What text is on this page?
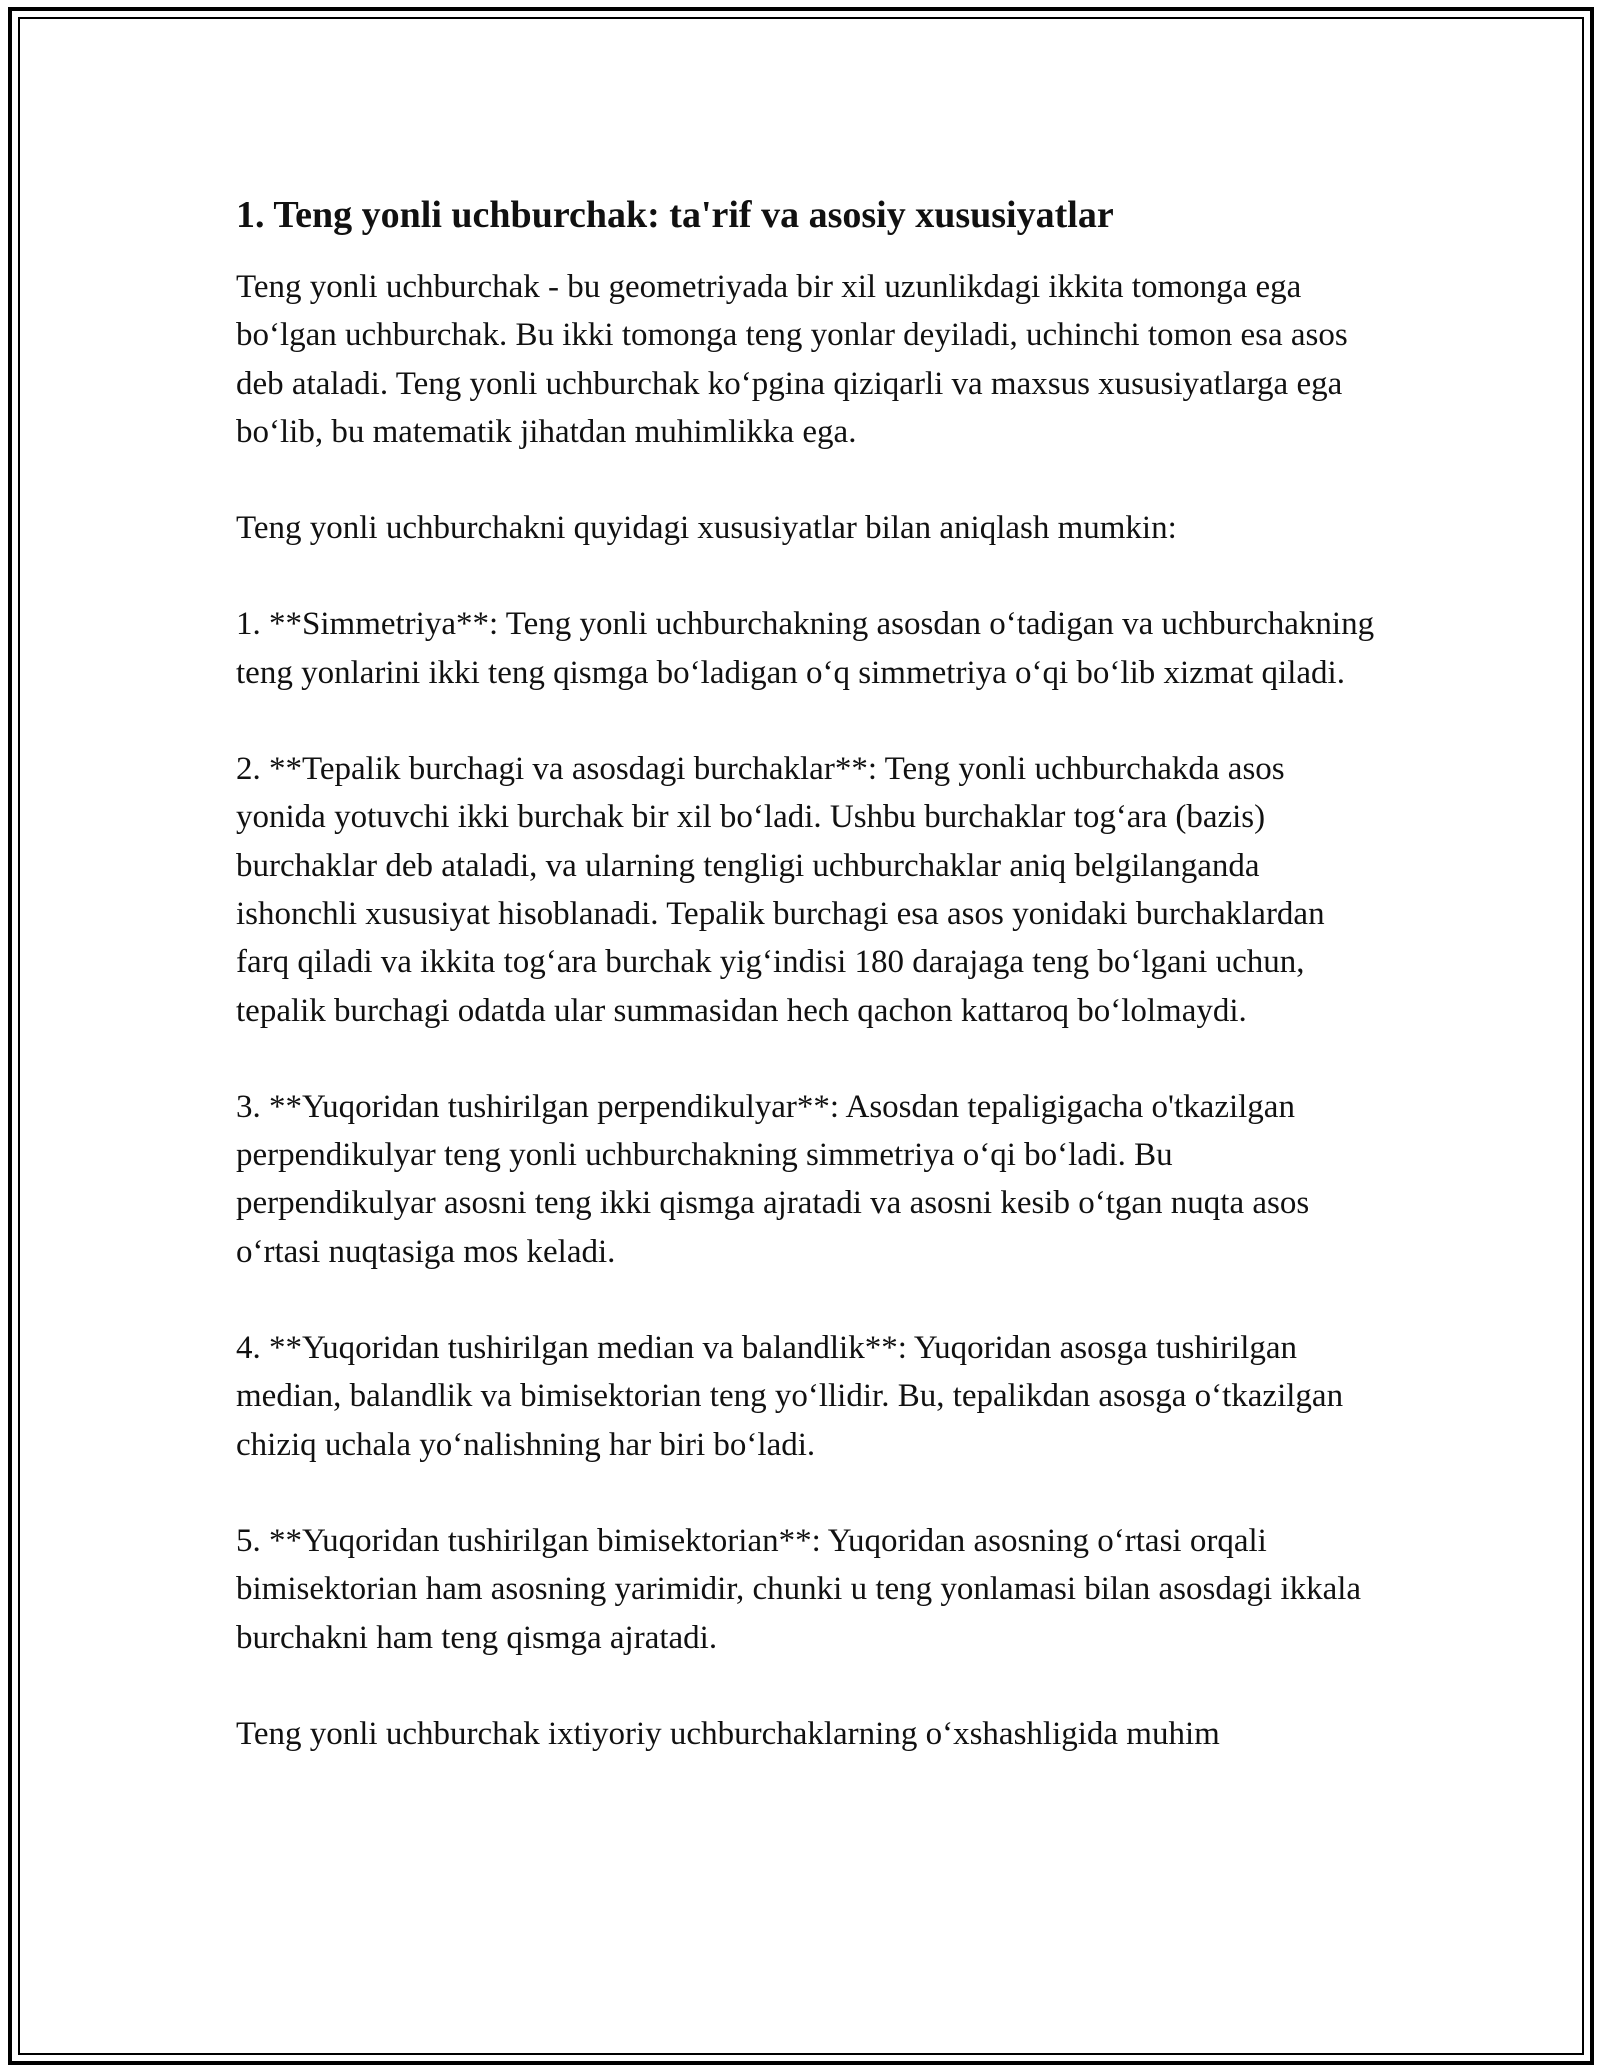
1. Teng yonli uchburchak: ta'rif va asosiy xususiyatlar

Teng yonli uchburchak - bu geometriyada bir xil uzunlikdagi ikkita tomonga ega boʻlgan uchburchak. Bu ikki tomonga teng yonlar deyiladi, uchinchi tomon esa asos deb ataladi. Teng yonli uchburchak koʻpgina qiziqarli va maxsus xususiyatlarga ega boʻlib, bu matematik jihatdan muhimlikka ega.

Teng yonli uchburchakni quyidagi xususiyatlar bilan aniqlash mumkin:

1. **Simmetriya**: Teng yonli uchburchakning asosdan oʻtadigan va uchburchakning teng yonlarini ikki teng qismga boʻladigan oʻq simmetriya oʻqi boʻlib xizmat qiladi.

2. **Tepalik burchagi va asosdagi burchaklar**: Teng yonli uchburchakda asos yonida yotuvchi ikki burchak bir xil boʻladi. Ushbu burchaklar togʻara (bazis) burchaklar deb ataladi, va ularning tengligi uchburchaklar aniq belgilanganda ishonchli xususiyat hisoblanadi. Tepalik burchagi esa asos yonidaki burchaklardan farq qiladi va ikkita togʻara burchak yigʻindisi 180 darajaga teng boʻlgani uchun, tepalik burchagi odatda ular summasidan hech qachon kattaroq boʻlolmaydi.

3. **Yuqoridan tushirilgan perpendikulyar**: Asosdan tepaligigacha o'tkazilgan perpendikulyar teng yonli uchburchakning simmetriya oʻqi boʻladi. Bu perpendikulyar asosni teng ikki qismga ajratadi va asosni kesib oʻtgan nuqta asos oʻrtasi nuqtasiga mos keladi.

4. **Yuqoridan tushirilgan median va balandlik**: Yuqoridan asosga tushirilgan median, balandlik va bimisektorian teng yoʻllidir. Bu, tepalikdan asosga oʻtkazilgan chiziq uchala yoʻnalishning har biri boʻladi.

5. **Yuqoridan tushirilgan bimisektorian**: Yuqoridan asosning oʻrtasi orqali bimisektorian ham asosning yarimidir, chunki u teng yonlamasi bilan asosdagi ikkala burchakni ham teng qismga ajratadi.

Teng yonli uchburchak ixtiyoriy uchburchaklarning oʻxshashligida muhim
